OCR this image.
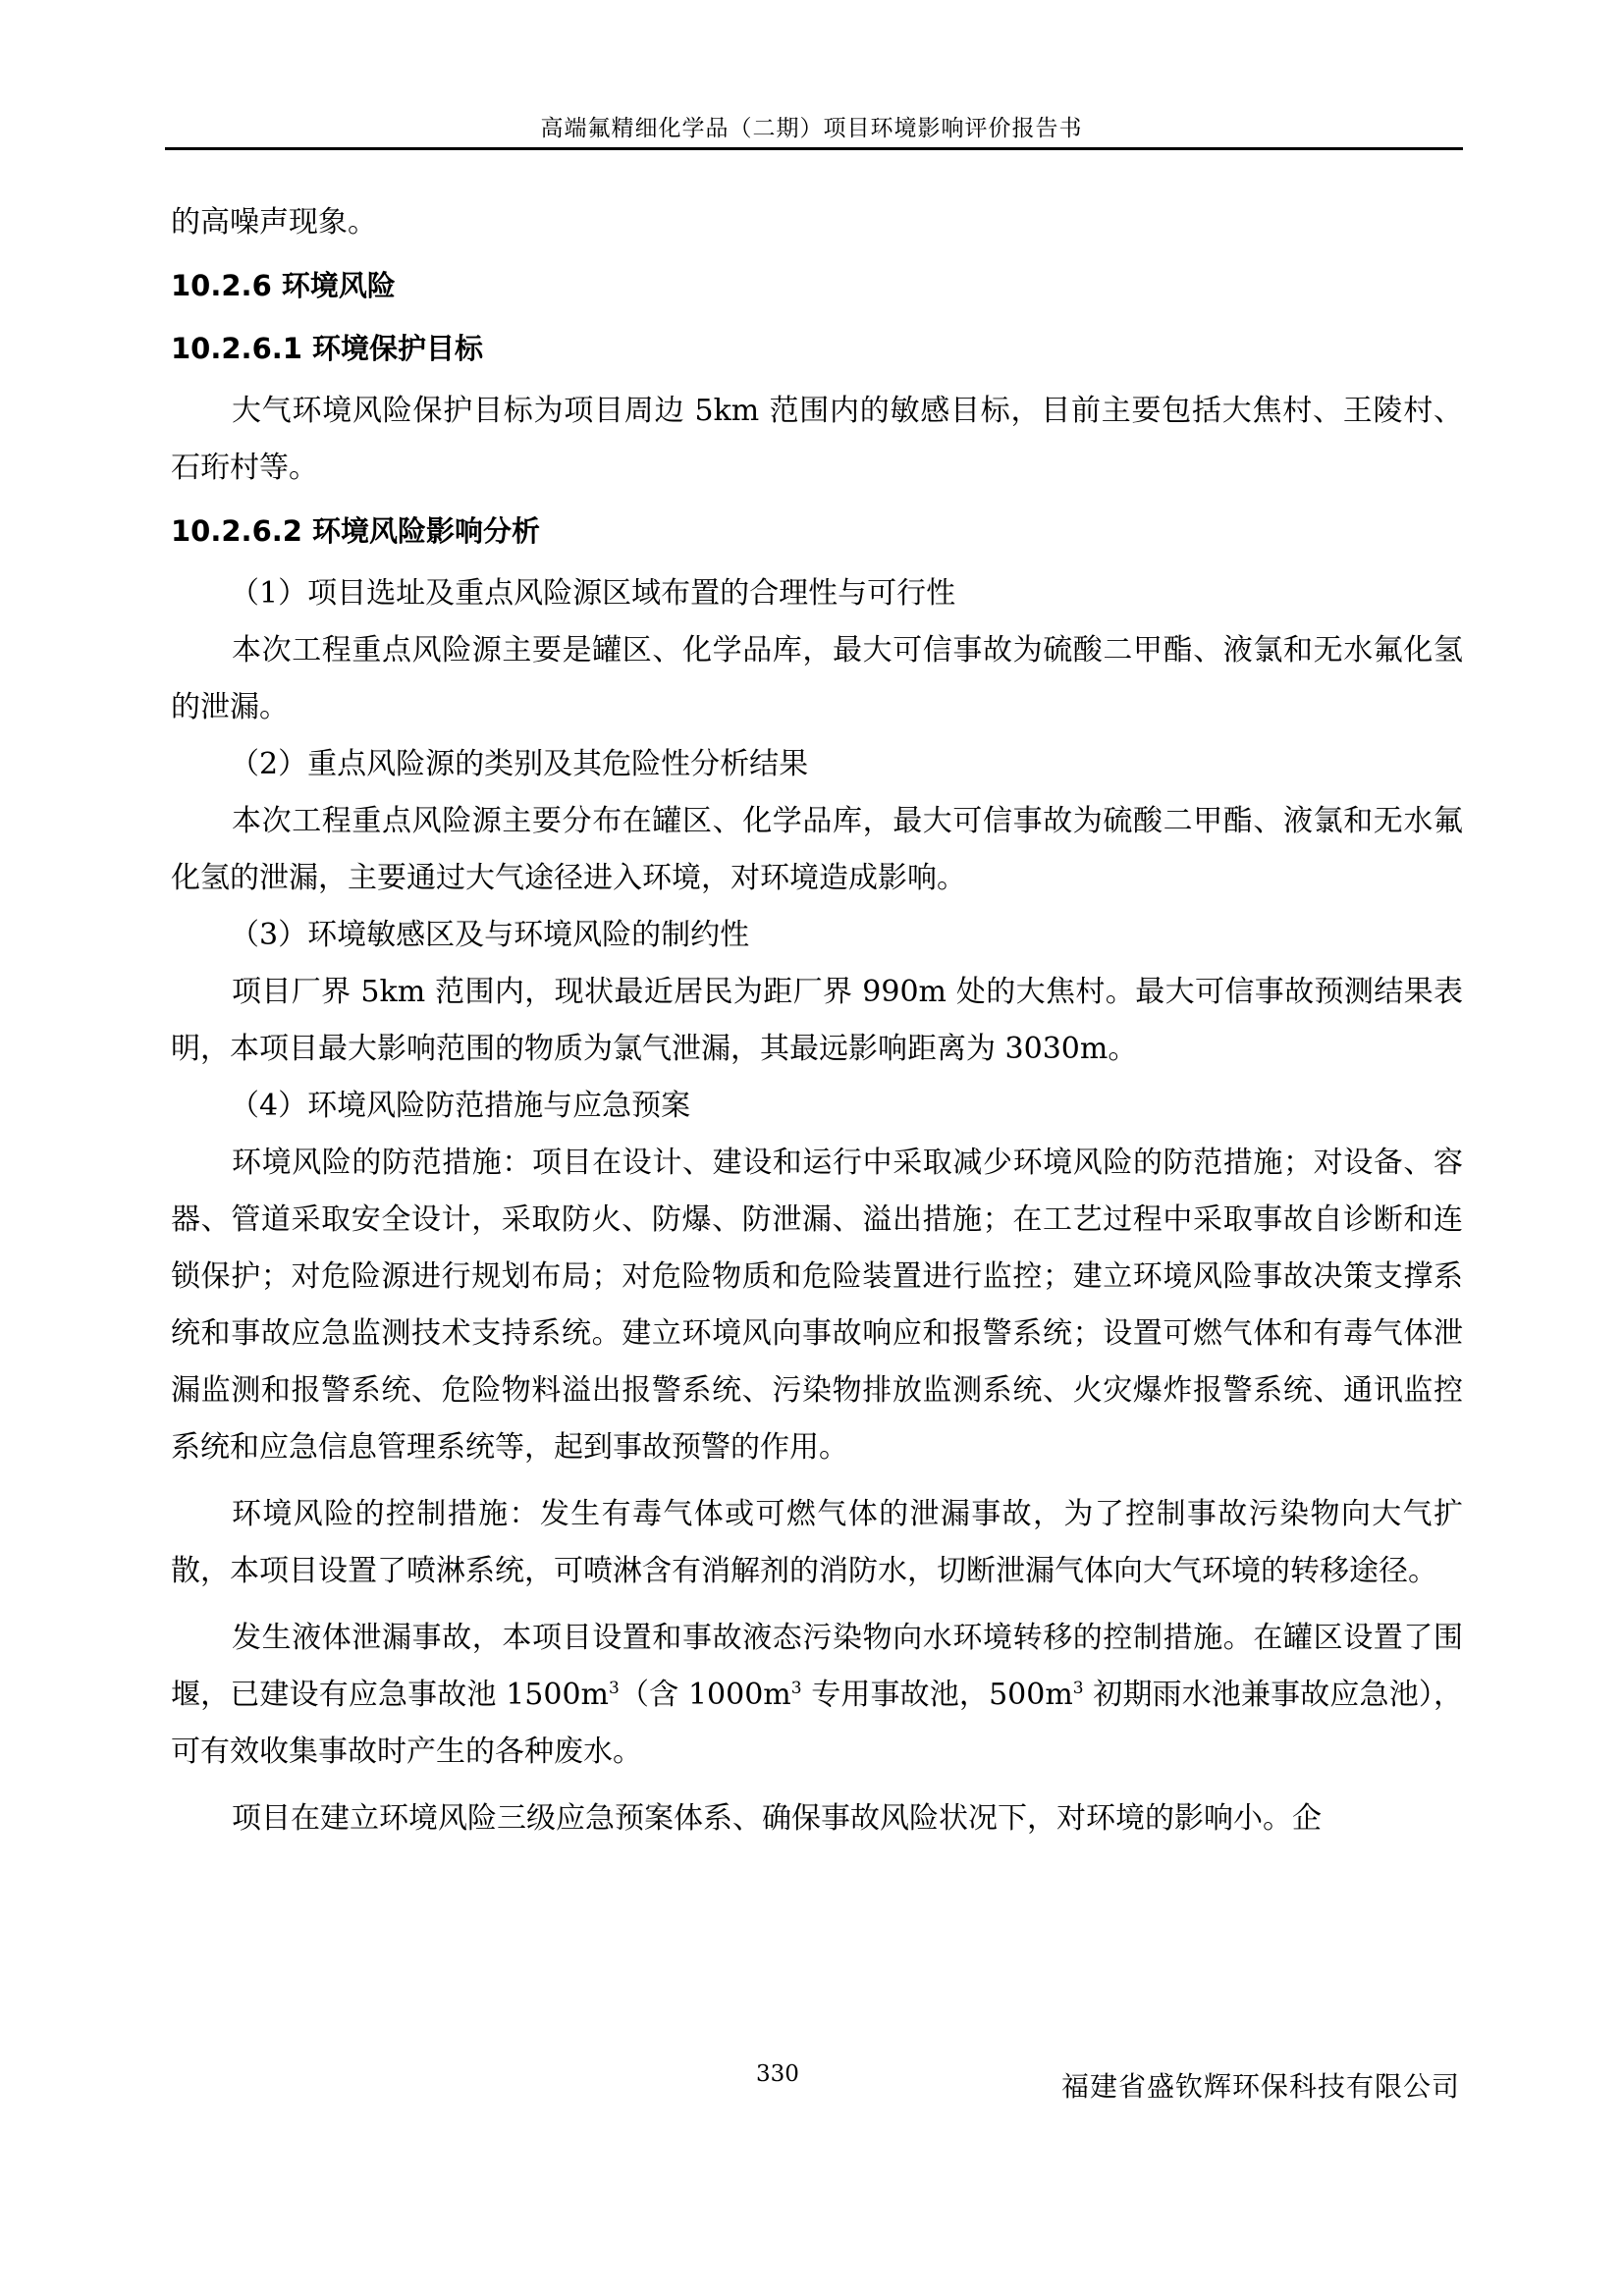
高端氟精细化学品（二期）项目环境影响评价报告书

的高噪声现象。

10.2.6 环境风险
10.2.6.1 环境保护目标

大气环境风险保护目标为项目周边 5km 范围内的敏感目标，目前主要包括大焦村、王陵村、石珩村等。

10.2.6.2 环境风险影响分析

（1）项目选址及重点风险源区域布置的合理性与可行性

本次工程重点风险源主要是罐区、化学品库，最大可信事故为硫酸二甲酯、液氯和无水氟化氢的泄漏。

（2）重点风险源的类别及其危险性分析结果

本次工程重点风险源主要分布在罐区、化学品库，最大可信事故为硫酸二甲酯、液氯和无水氟化氢的泄漏，主要通过大气途径进入环境，对环境造成影响。

（3）环境敏感区及与环境风险的制约性

项目厂界 5km 范围内，现状最近居民为距厂界 990m 处的大焦村。最大可信事故预测结果表明，本项目最大影响范围的物质为氯气泄漏，其最远影响距离为 3030m。

（4）环境风险防范措施与应急预案

环境风险的防范措施：项目在设计、建设和运行中采取减少环境风险的防范措施；对设备、容器、管道采取安全设计，采取防火、防爆、防泄漏、溢出措施；在工艺过程中采取事故自诊断和连锁保护；对危险源进行规划布局；对危险物质和危险装置进行监控；建立环境风险事故决策支撑系统和事故应急监测技术支持系统。建立环境风向事故响应和报警系统；设置可燃气体和有毒气体泄漏监测和报警系统、危险物料溢出报警系统、污染物排放监测系统、火灾爆炸报警系统、通讯监控系统和应急信息管理系统等，起到事故预警的作用。

环境风险的控制措施：发生有毒气体或可燃气体的泄漏事故，为了控制事故污染物向大气扩散，本项目设置了喷淋系统，可喷淋含有消解剂的消防水，切断泄漏气体向大气环境的转移途径。

发生液体泄漏事故，本项目设置和事故液态污染物向水环境转移的控制措施。在罐区设置了围堰，已建设有应急事故池 $1500m^3$（含 $1000m^3$ 专用事故池，$500m^3$ 初期雨水池兼事故应急池），可有效收集事故时产生的各种废水。

项目在建立环境风险三级应急预案体系、确保事故风险状况下，对环境的影响小。企

330	福建省盛钦辉环保科技有限公司
